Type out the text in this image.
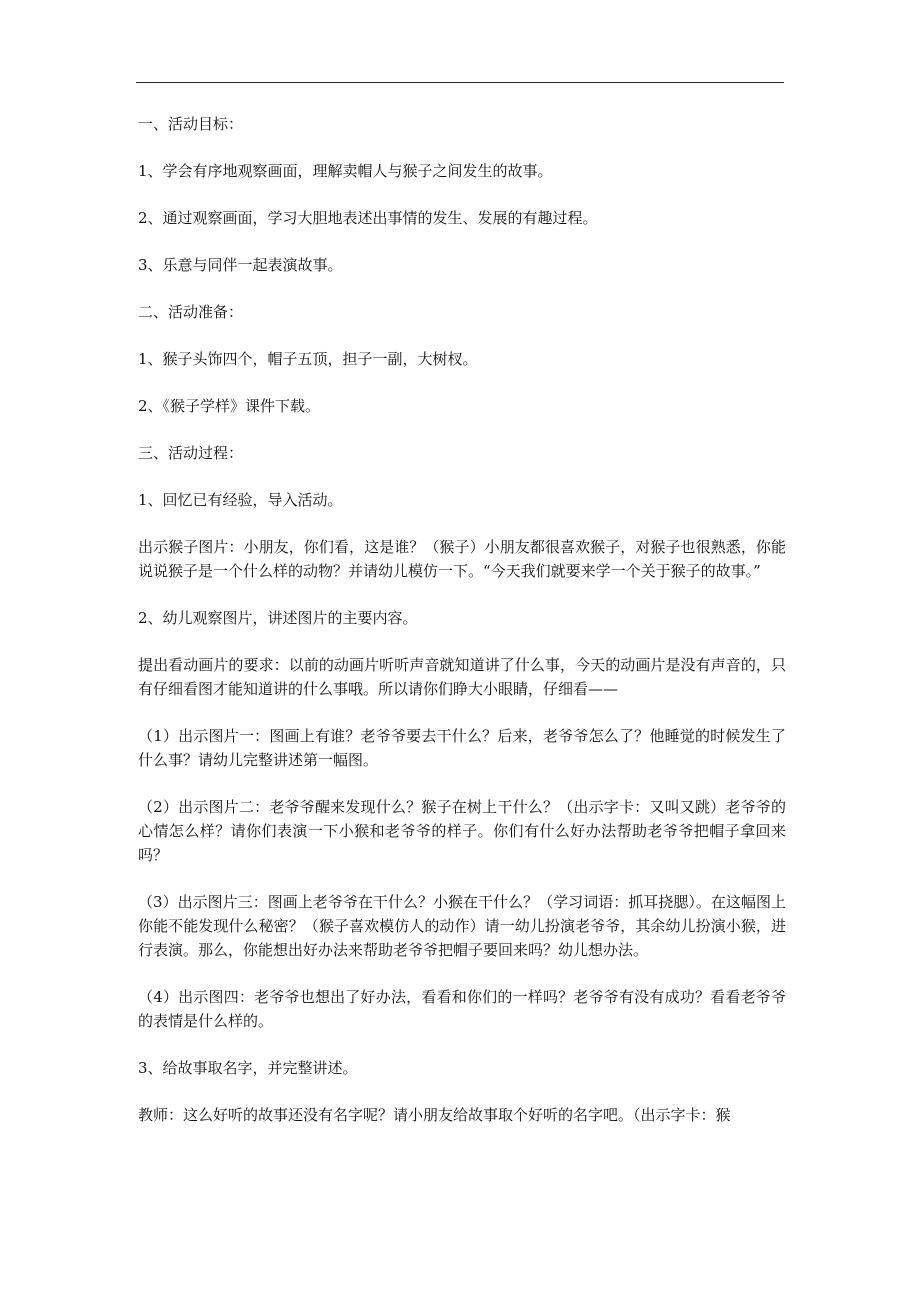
一、活动目标：

1、学会有序地观察画面，理解卖帽人与猴子之间发生的故事。

2、通过观察画面，学习大胆地表述出事情的发生、发展的有趣过程。

3、乐意与同伴一起表演故事。

二、活动准备：

1、猴子头饰四个，帽子五顶，担子一副，大树杈。

2、《猴子学样》课件下载。

三、活动过程：

1、回忆已有经验，导入活动。

出示猴子图片：小朋友，你们看，这是谁？（猴子）小朋友都很喜欢猴子，对猴子也很熟悉，你能说说猴子是一个什么样的动物？并请幼儿模仿一下。“今天我们就要来学一个关于猴子的故事。”

2、幼儿观察图片，讲述图片的主要内容。

提出看动画片的要求：以前的动画片听听声音就知道讲了什么事，今天的动画片是没有声音的，只有仔细看图才能知道讲的什么事哦。所以请你们睁大小眼睛，仔细看——

（1）出示图片一：图画上有谁？老爷爷要去干什么？后来，老爷爷怎么了？他睡觉的时候发生了什么事？请幼儿完整讲述第一幅图。

（2）出示图片二：老爷爷醒来发现什么？猴子在树上干什么？（出示字卡：又叫又跳）老爷爷的心情怎么样？请你们表演一下小猴和老爷爷的样子。你们有什么好办法帮助老爷爷把帽子拿回来吗？

（3）出示图片三：图画上老爷爷在干什么？小猴在干什么？（学习词语：抓耳挠腮）。在这幅图上你能不能发现什么秘密？（猴子喜欢模仿人的动作）请一幼儿扮演老爷爷，其余幼儿扮演小猴，进行表演。那么，你能想出好办法来帮助老爷爷把帽子要回来吗？幼儿想办法。

（4）出示图四：老爷爷也想出了好办法，看看和你们的一样吗？老爷爷有没有成功？看看老爷爷的表情是什么样的。

3、给故事取名字，并完整讲述。

教师：这么好听的故事还没有名字呢？请小朋友给故事取个好听的名字吧。（出示字卡：猴
